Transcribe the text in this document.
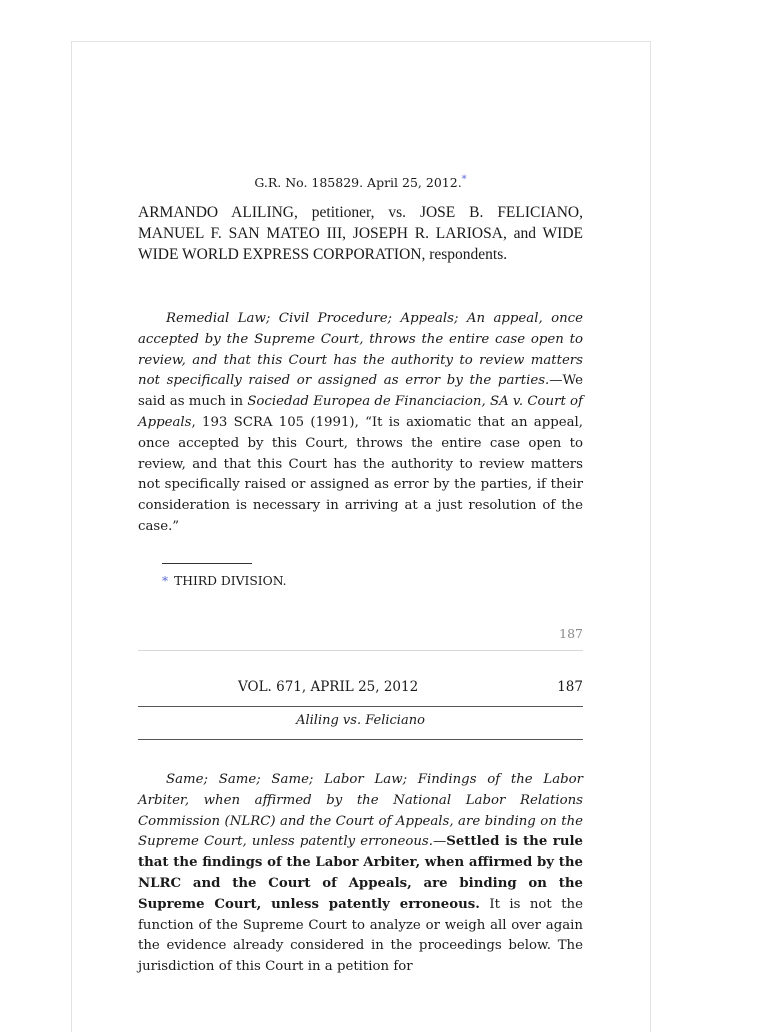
G.R. No. 185829. April 25, 2012.*
ARMANDO ALILING, petitioner, vs. JOSE B. FELICIANO, MANUEL F. SAN MATEO III, JOSEPH R. LARIOSA, and WIDE WIDE WORLD EXPRESS CORPORATION, respondents.
Remedial Law; Civil Procedure; Appeals; An appeal, once accepted by the Supreme Court, throws the entire case open to review, and that this Court has the authority to review matters not specifically raised or assigned as error by the parties.—We said as much in Sociedad Europea de Financiacion, SA v. Court of Appeals, 193 SCRA 105 (1991), “It is axiomatic that an appeal, once accepted by this Court, throws the entire case open to review, and that this Court has the authority to review matters not specifically raised or assigned as error by the parties, if their consideration is necessary in arriving at a just resolution of the case.”
* THIRD DIVISION.
187
VOL. 671, APRIL 25, 2012	187
Aliling vs. Feliciano
Same; Same; Same; Labor Law; Findings of the Labor Arbiter, when affirmed by the National Labor Relations Commission (NLRC) and the Court of Appeals, are binding on the Supreme Court, unless patently erroneous.—Settled is the rule that the findings of the Labor Arbiter, when affirmed by the NLRC and the Court of Appeals, are binding on the Supreme Court, unless patently erroneous. It is not the function of the Supreme Court to analyze or weigh all over again the evidence already considered in the proceedings below. The jurisdiction of this Court in a petition for
